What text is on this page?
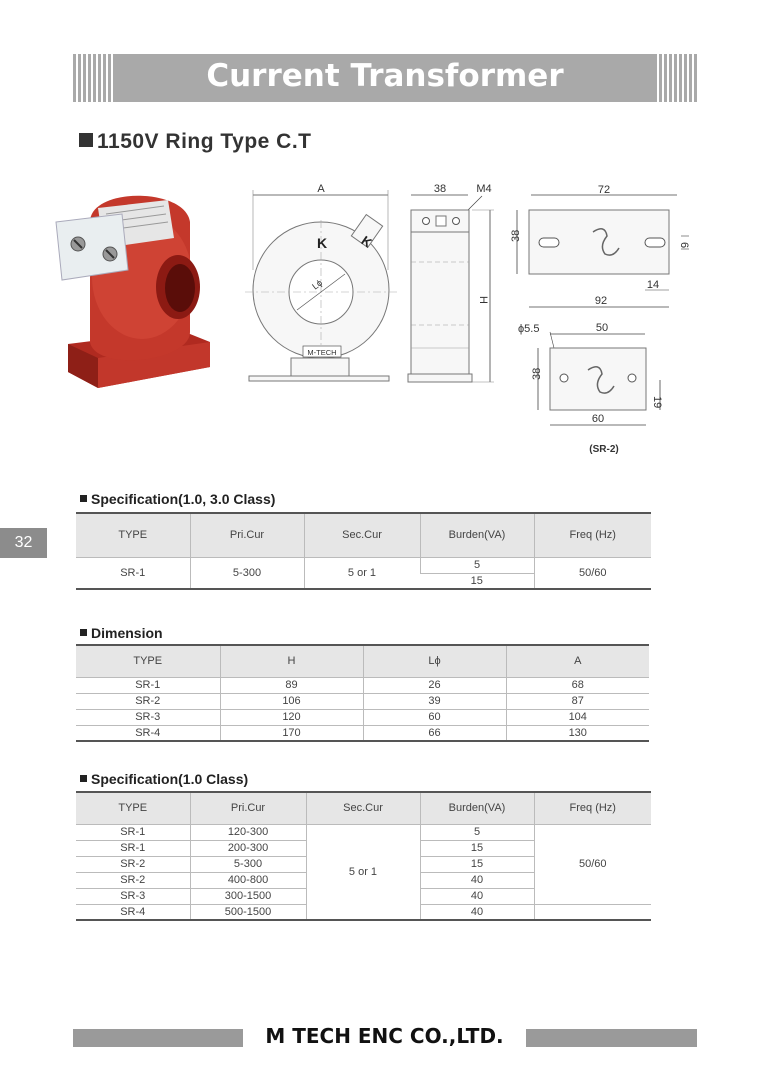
Current Transformer
1150V Ring Type C.T
32
A
Lϕ
K K
M-TECH
38	M4
H
72
38
6
14
92
ϕ5.5	50
38
19
60
(SR-2)
Specification(1.0, 3.0 Class)
TYPE	Pri.Cur	Sec.Cur	Burden(VA)	Freq (Hz)
SR-1	5-300	5 or 1	5	50/60
			15	
Dimension
TYPE	H	Lϕ	A
SR-1	89	26	68
SR-2	106	39	87
SR-3	120	60	104
SR-4	170	66	130
Specification(1.0 Class)
TYPE	Pri.Cur	Sec.Cur	Burden(VA)	Freq (Hz)
SR-1	120-300	5 or 1	5	50/60
SR-1	200-300		15	
SR-2	5-300		15	
SR-2	400-800		40	
SR-3	300-1500		40	
SR-4	500-1500		40	
M TECH ENC CO.,LTD.
